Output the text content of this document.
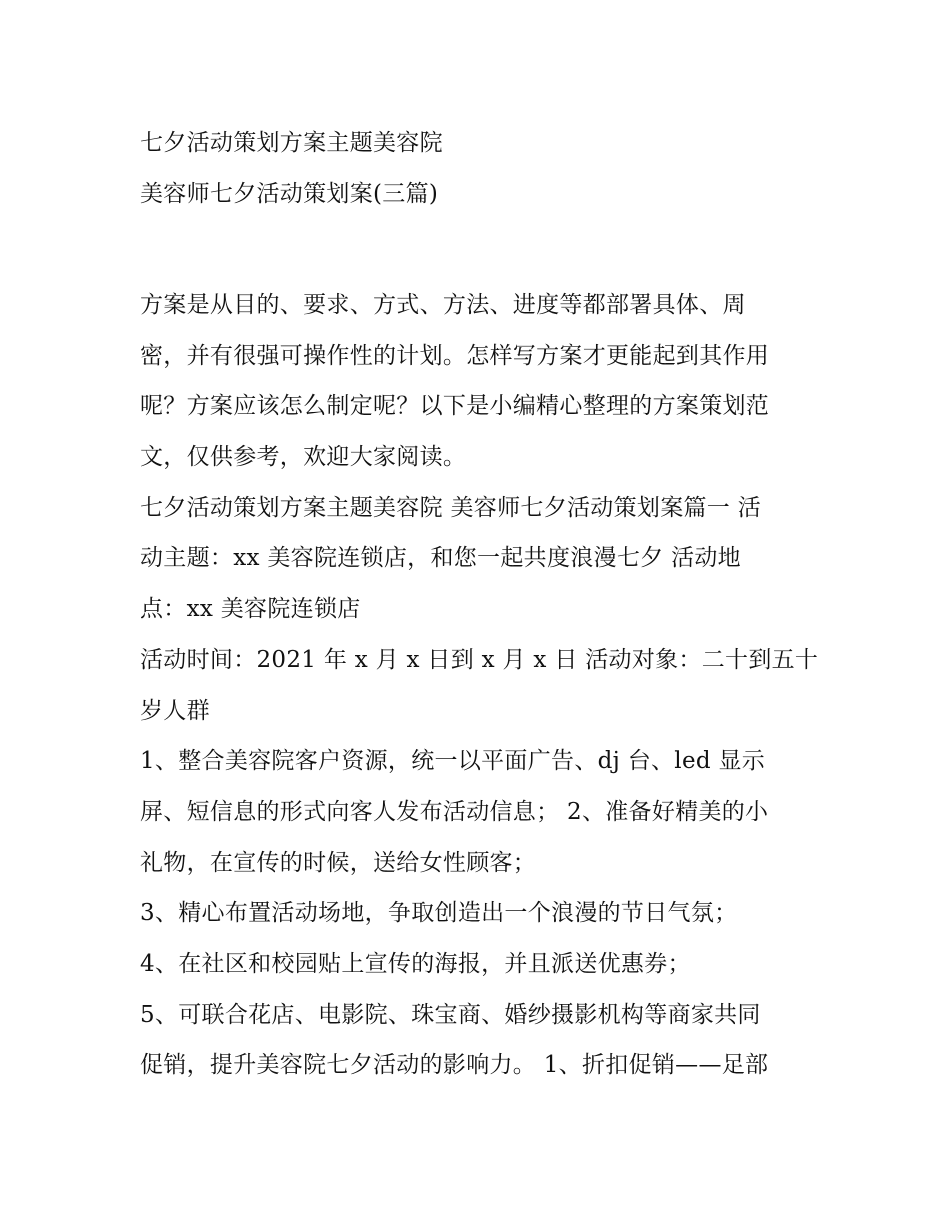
七夕活动策划方案主题美容院
美容师七夕活动策划案(三篇)
方案是从目的、要求、方式、方法、进度等都部署具体、周
密，并有很强可操作性的计划。怎样写方案才更能起到其作用
呢？方案应该怎么制定呢？以下是小编精心整理的方案策划范
文，仅供参考，欢迎大家阅读。
七夕活动策划方案主题美容院 美容师七夕活动策划案篇一 活
动主题：xx 美容院连锁店，和您一起共度浪漫七夕 活动地
点：xx 美容院连锁店
活动时间：2021 年 x 月 x 日到 x 月 x 日 活动对象：二十到五十
岁人群
1、整合美容院客户资源，统一以平面广告、dj 台、led 显示
屏、短信息的形式向客人发布活动信息； 2、准备好精美的小
礼物，在宣传的时候，送给女性顾客；
3、精心布置活动场地，争取创造出一个浪漫的节日气氛；
4、在社区和校园贴上宣传的海报，并且派送优惠券；
5、可联合花店、电影院、珠宝商、婚纱摄影机构等商家共同
促销，提升美容院七夕活动的影响力。 1、折扣促销——足部
